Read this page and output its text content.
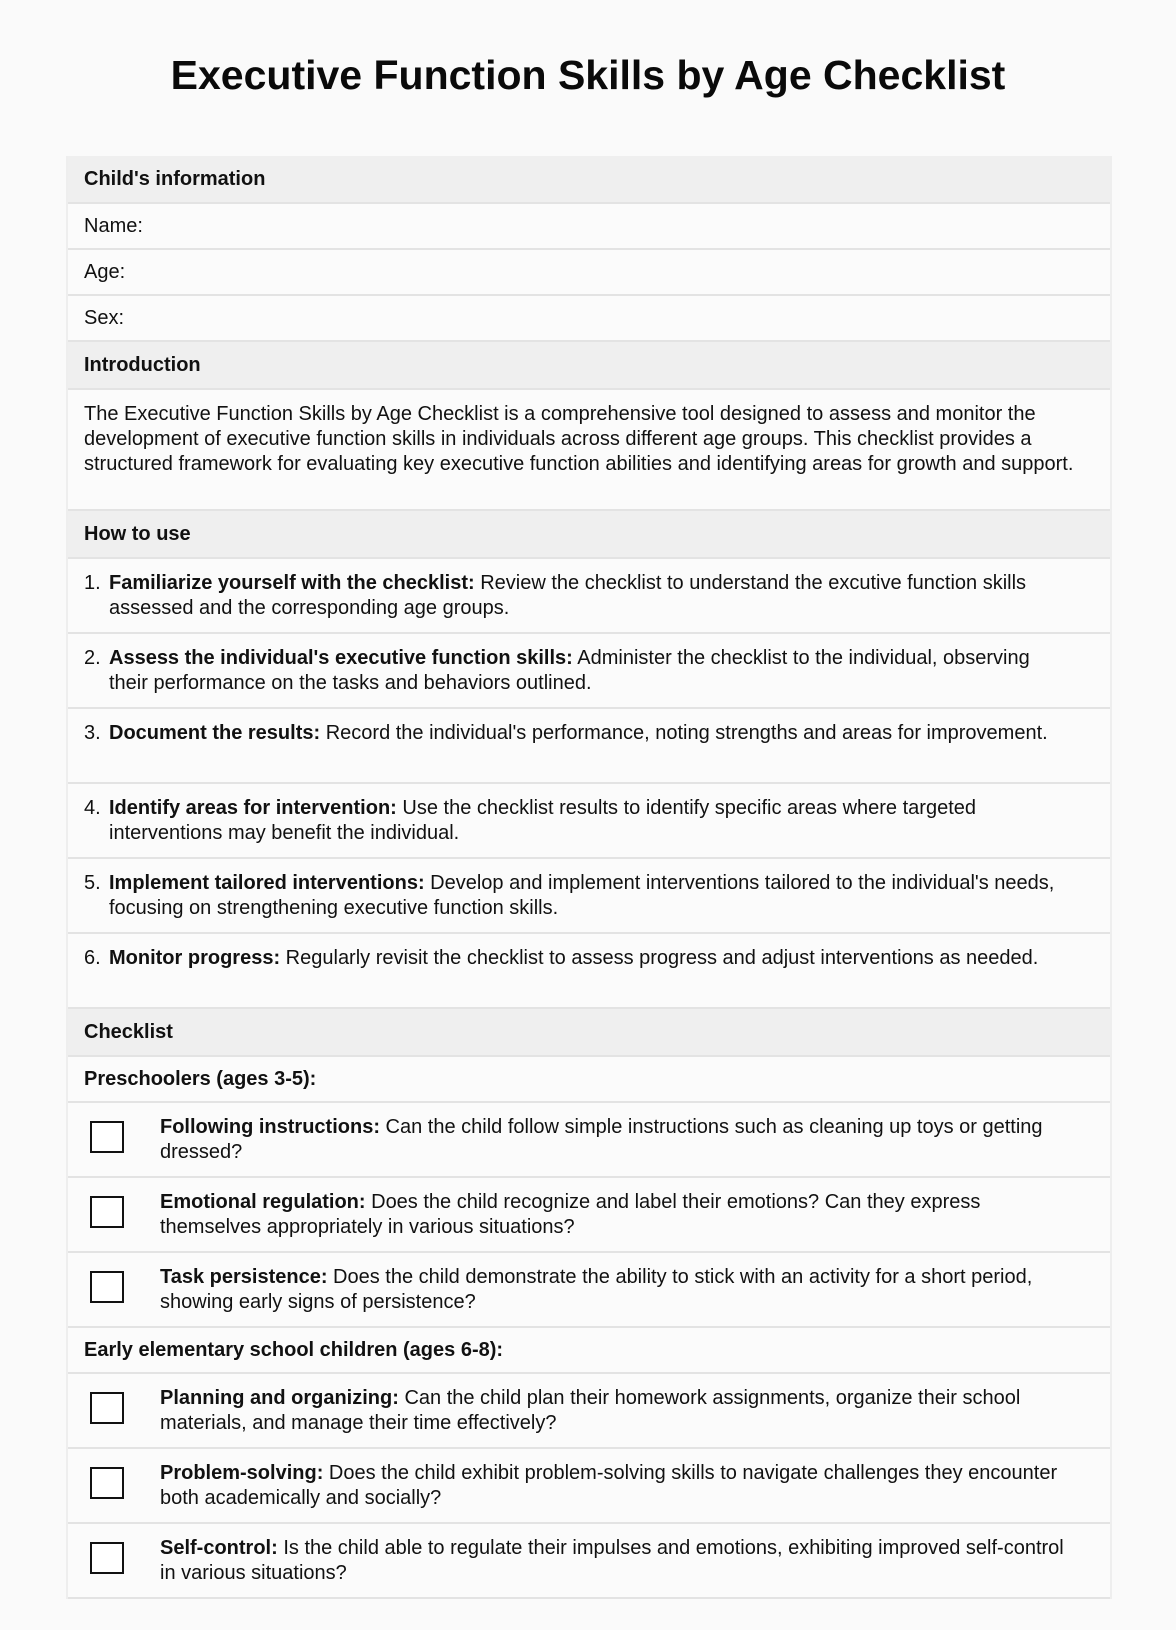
Executive Function Skills by Age Checklist
Child's information
Name:
Age:
Sex:
Introduction
The Executive Function Skills by Age Checklist is a comprehensive tool designed to assess and monitor the development of executive function skills in individuals across different age groups. This checklist provides a structured framework for evaluating key executive function abilities and identifying areas for growth and support.
How to use
1. Familiarize yourself with the checklist: Review the checklist to understand the excutive function skills assessed and the corresponding age groups.
2. Assess the individual's executive function skills: Administer the checklist to the individual, observing their performance on the tasks and behaviors outlined.
3. Document the results: Record the individual's performance, noting strengths and areas for improvement.
4. Identify areas for intervention: Use the checklist results to identify specific areas where targeted interventions may benefit the individual.
5. Implement tailored interventions: Develop and implement interventions tailored to the individual's needs, focusing on strengthening executive function skills.
6. Monitor progress: Regularly revisit the checklist to assess progress and adjust interventions as needed.
Checklist
Preschoolers (ages 3-5):
Following instructions: Can the child follow simple instructions such as cleaning up toys or getting dressed?
Emotional regulation: Does the child recognize and label their emotions? Can they express themselves appropriately in various situations?
Task persistence: Does the child demonstrate the ability to stick with an activity for a short period, showing early signs of persistence?
Early elementary school children (ages 6-8):
Planning and organizing: Can the child plan their homework assignments, organize their school materials, and manage their time effectively?
Problem-solving: Does the child exhibit problem-solving skills to navigate challenges they encounter both academically and socially?
Self-control: Is the child able to regulate their impulses and emotions, exhibiting improved self-control in various situations?
